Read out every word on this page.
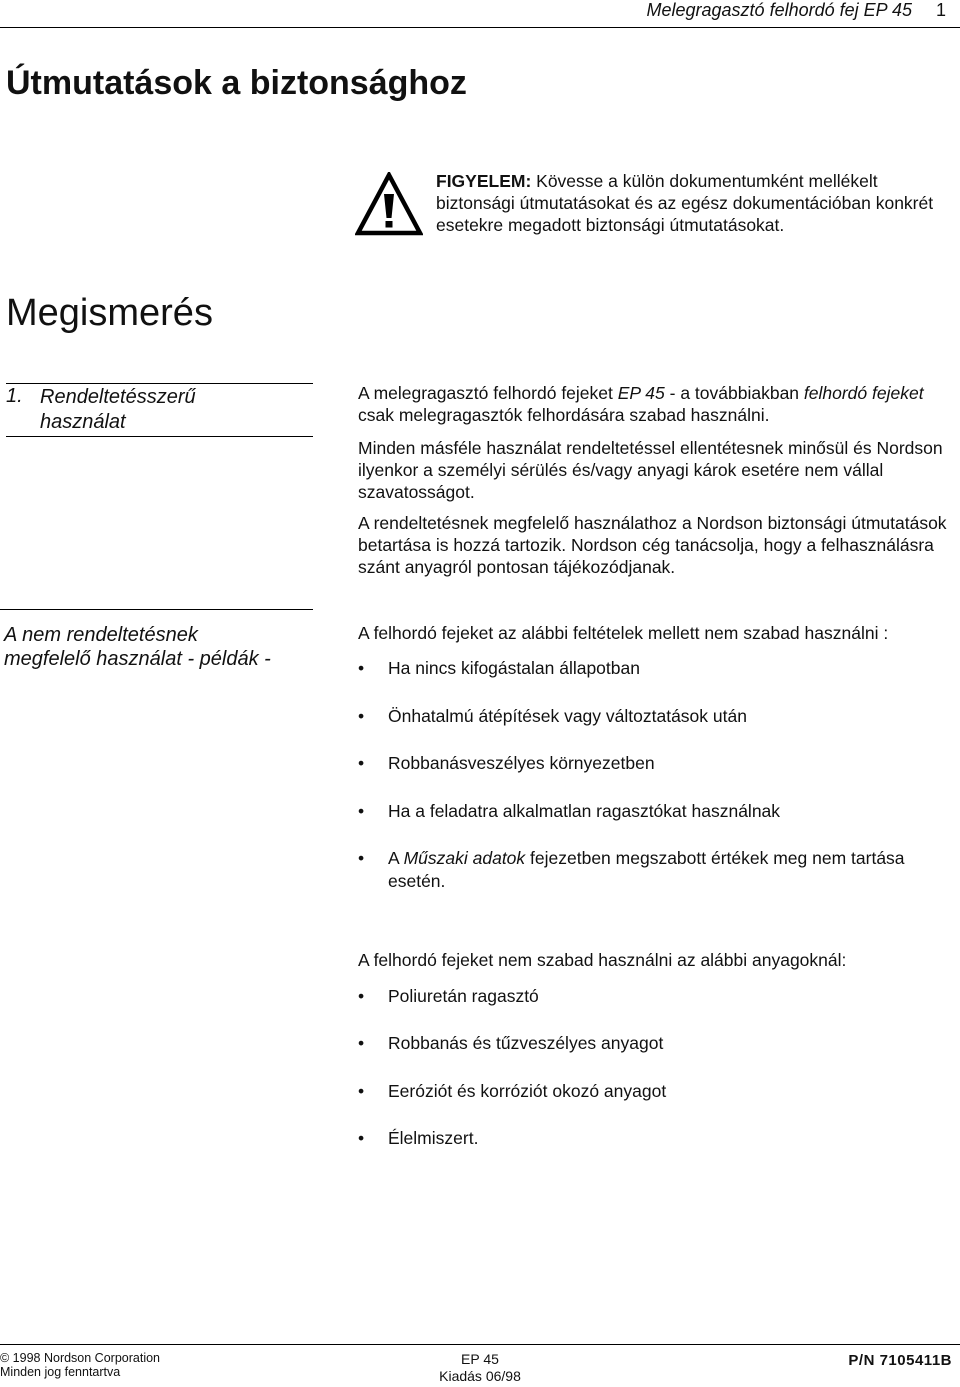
Melegragasztó felhordó fej EP 45 1
Útmutatások a biztonsághoz
FIGYELEM: Kövesse a külön dokumentumként mellékelt biztonsági útmutatásokat és az egész dokumentációban konkrét esetekre megadott biztonsági útmutatásokat.
Megismerés
1. Rendeltetésszerű
használat
A melegragasztó felhordó fejeket EP 45 - a továbbiakban felhordó fejeket csak melegragasztók felhordására szabad használni.
Minden másféle használat rendeltetéssel ellentétesnek minősül és Nordson ilyenkor a személyi sérülés és/vagy anyagi károk esetére nem vállal szavatosságot.
A rendeltetésnek megfelelő használathoz a Nordson biztonsági útmutatások betartása is hozzá tartozik. Nordson cég tanácsolja, hogy a felhasználásra szánt anyagról pontosan tájékozódjanak.
A nem rendeltetésnek
megfelelő használat - példák -
A felhordó fejeket az alábbi feltételek mellett nem szabad használni :
• Ha nincs kifogástalan állapotban
• Önhatalmú átépítések vagy változtatások után
• Robbanásveszélyes környezetben
• Ha a feladatra alkalmatlan ragasztókat használnak
• A Műszaki adatok fejezetben megszabott értékek meg nem tartása esetén.
A felhordó fejeket nem szabad használni az alábbi anyagoknál:
• Poliuretán ragasztó
• Robbanás és tűzveszélyes anyagot
• Eeróziót és korróziót okozó anyagot
• Élelmiszert.
© 1998 Nordson Corporation
Minden jog fenntartva
EP 45
Kiadás 06/98
P/N 7105411B
